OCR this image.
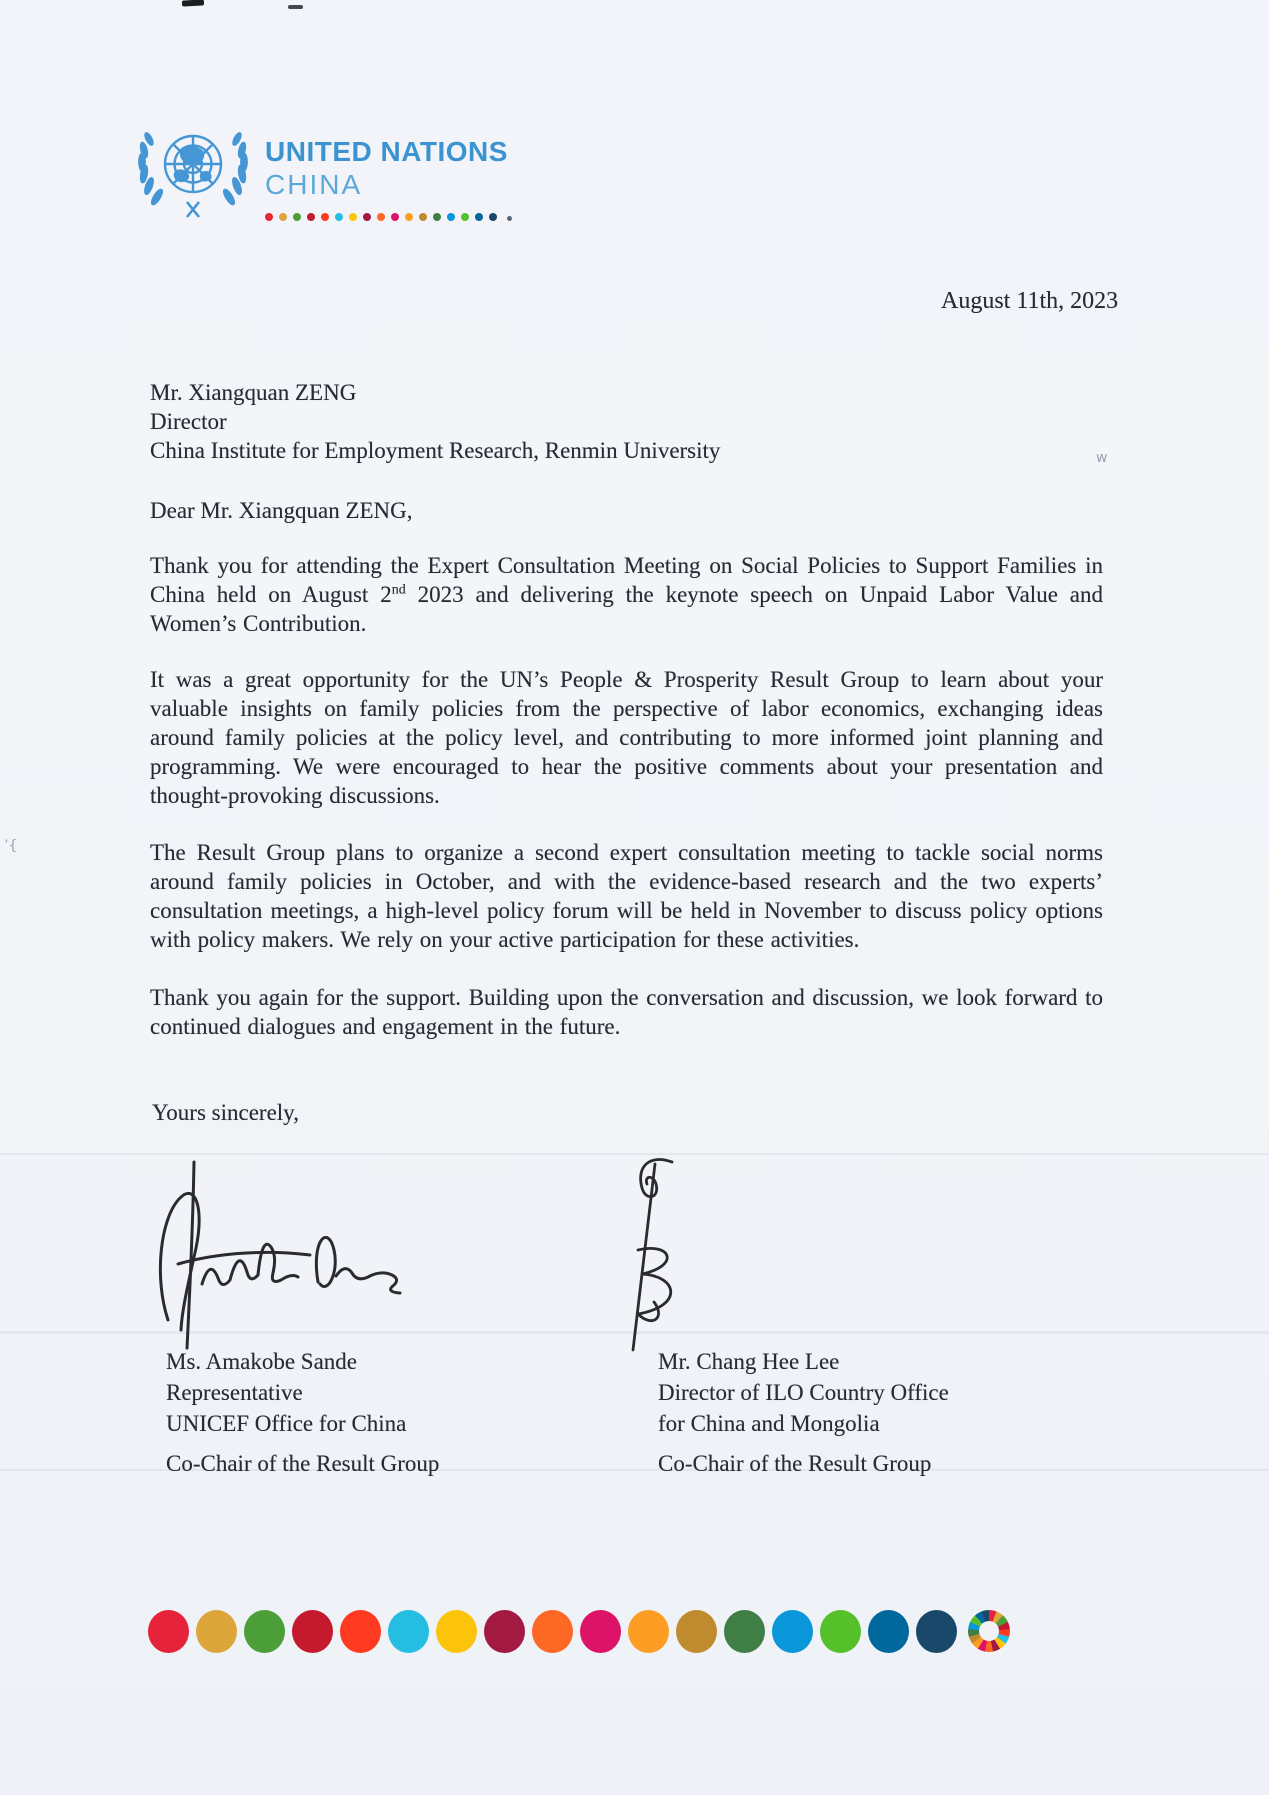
w
’{
UNITED NATIONS
CHINA
August 11th, 2023
Mr. Xiangquan ZENG
Director
China Institute for Employment Research, Renmin University
Dear Mr. Xiangquan ZENG,

Thank you for attending the Expert Consultation Meeting on Social Policies to Support Families in China held on August 2nd 2023 and delivering the keynote speech on Unpaid Labor Value and Women’s Contribution.

It was a great opportunity for the UN’s People & Prosperity Result Group to learn about your valuable insights on family policies from the perspective of labor economics, exchanging ideas around family policies at the policy level, and contributing to more informed joint planning and programming. We were encouraged to hear the positive comments about your presentation and thought-provoking discussions.

The Result Group plans to organize a second expert consultation meeting to tackle social norms around family policies in October, and with the evidence-based research and the two experts’ consultation meetings, a high-level policy forum will be held in November to discuss policy options with policy makers. We rely on your active participation for these activities.

Thank you again for the support. Building upon the conversation and discussion, we look forward to continued dialogues and engagement in the future.

Yours sincerely,
Ms. Amakobe Sande
Representative
UNICEF Office for China
Co-Chair of the Result Group
Mr. Chang Hee Lee
Director of ILO Country Office
for China and Mongolia
Co-Chair of the Result Group
